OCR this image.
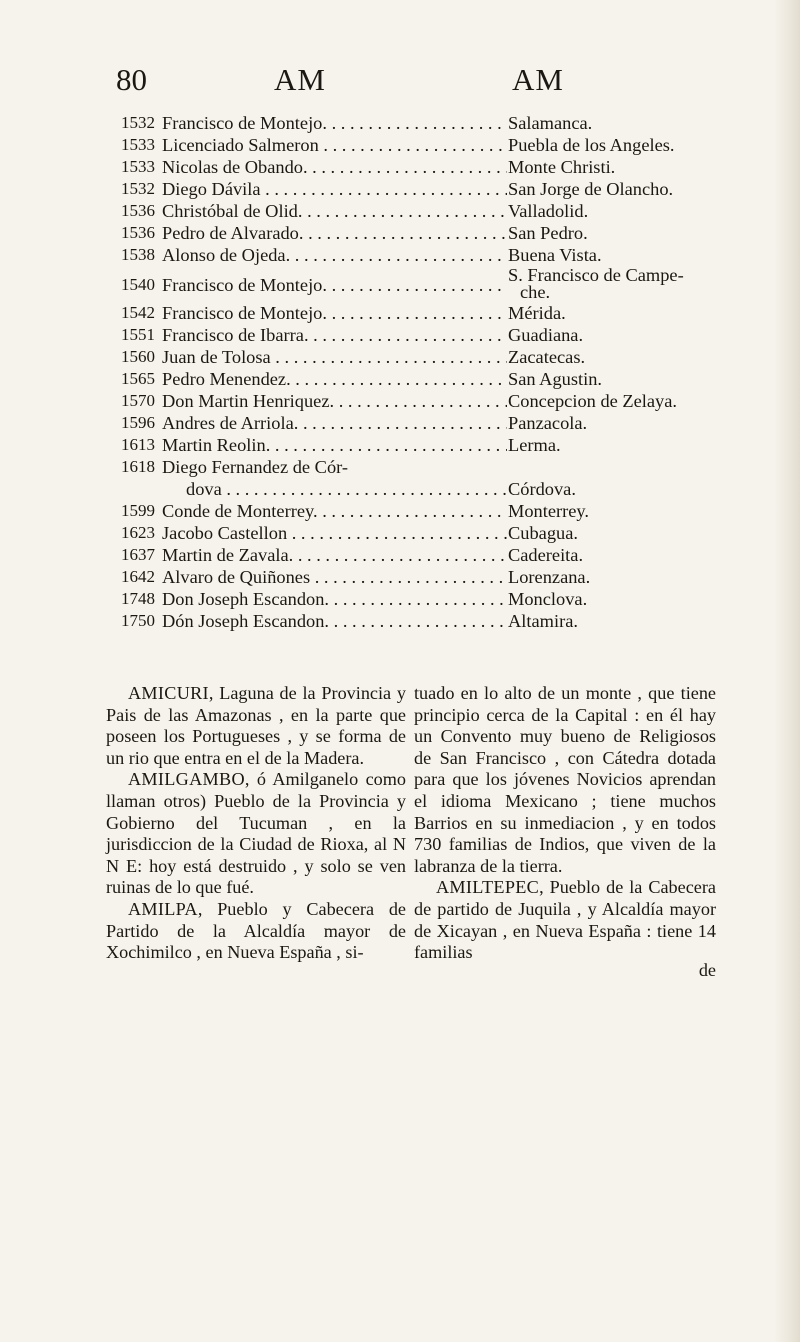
80	AM	AM
1532 Francisco de Montejo. . . .	Salamanca.
1533 Licenciado Salmeron . . .	Puebla de los Angeles.
1533 Nicolas de Obando. . . .	Monte Christi.
1532 Diego Dávila . . .	San Jorge de Olancho.
1536 Christóbal de Olid. . . .	Valladolid.
1536 Pedro de Alvarado. . . .	San Pedro.
1538 Alonso de Ojeda. . . .	Buena Vista.
1540 Francisco de Montejo. . . .	S. Francisco de Campe-
che.
1542 Francisco de Montejo. . . .	Mérida.
1551 Francisco de Ibarra. . . .	Guadiana.
1560 Juan de Tolosa . . .	Zacatecas.
1565 Pedro Menendez. . . .	San Agustin.
1570 Don Martin Henriquez. . . .	Concepcion de Zelaya.
1596 Andres de Arriola. . . .	Panzacola.
1613 Martin Reolin. . . .	Lerma.
1618 Diego Fernandez de Cór-
dova . . .	Córdova.
1599 Conde de Monterrey. . . .	Monterrey.
1623 Jacobo Castellon . . .	Cubagua.
1637 Martin de Zavala. . . .	Cadereita.
1642 Alvaro de Quiñones . . .	Lorenzana.
1748 Don Joseph Escandon. . . .	Monclova.
1750 Dón Joseph Escandon. . . .	Altamira.

AMICURI, Laguna de la Provincia y Pais de las Amazonas , en la parte que poseen los Portugueses , y se forma de un rio que entra en el de la Madera.

AMILGAMBO, ó Amilganelo como llaman otros) Pueblo de la Provincia y Gobierno del Tucuman , en la jurisdiccion de la Ciudad de Rioxa, al N N E: hoy está destruido , y solo se ven ruinas de lo que fué.

AMILPA, Pueblo y Cabecera de Partido de la Alcaldía mayor de Xochimilco , en Nueva España , si-

tuado en lo alto de un monte , que tiene principio cerca de la Capital : en él hay un Convento muy bueno de Religiosos de San Francisco , con Cátedra dotada para que los jóvenes Novicios aprendan el idioma Mexicano ; tiene muchos Barrios en su inmediacion , y en todos 730 familias de Indios, que viven de la labranza de la tierra.

AMILTEPEC, Pueblo de la Cabecera de partido de Juquila , y Alcaldía mayor de Xicayan , en Nueva España : tiene 14 familias

de
